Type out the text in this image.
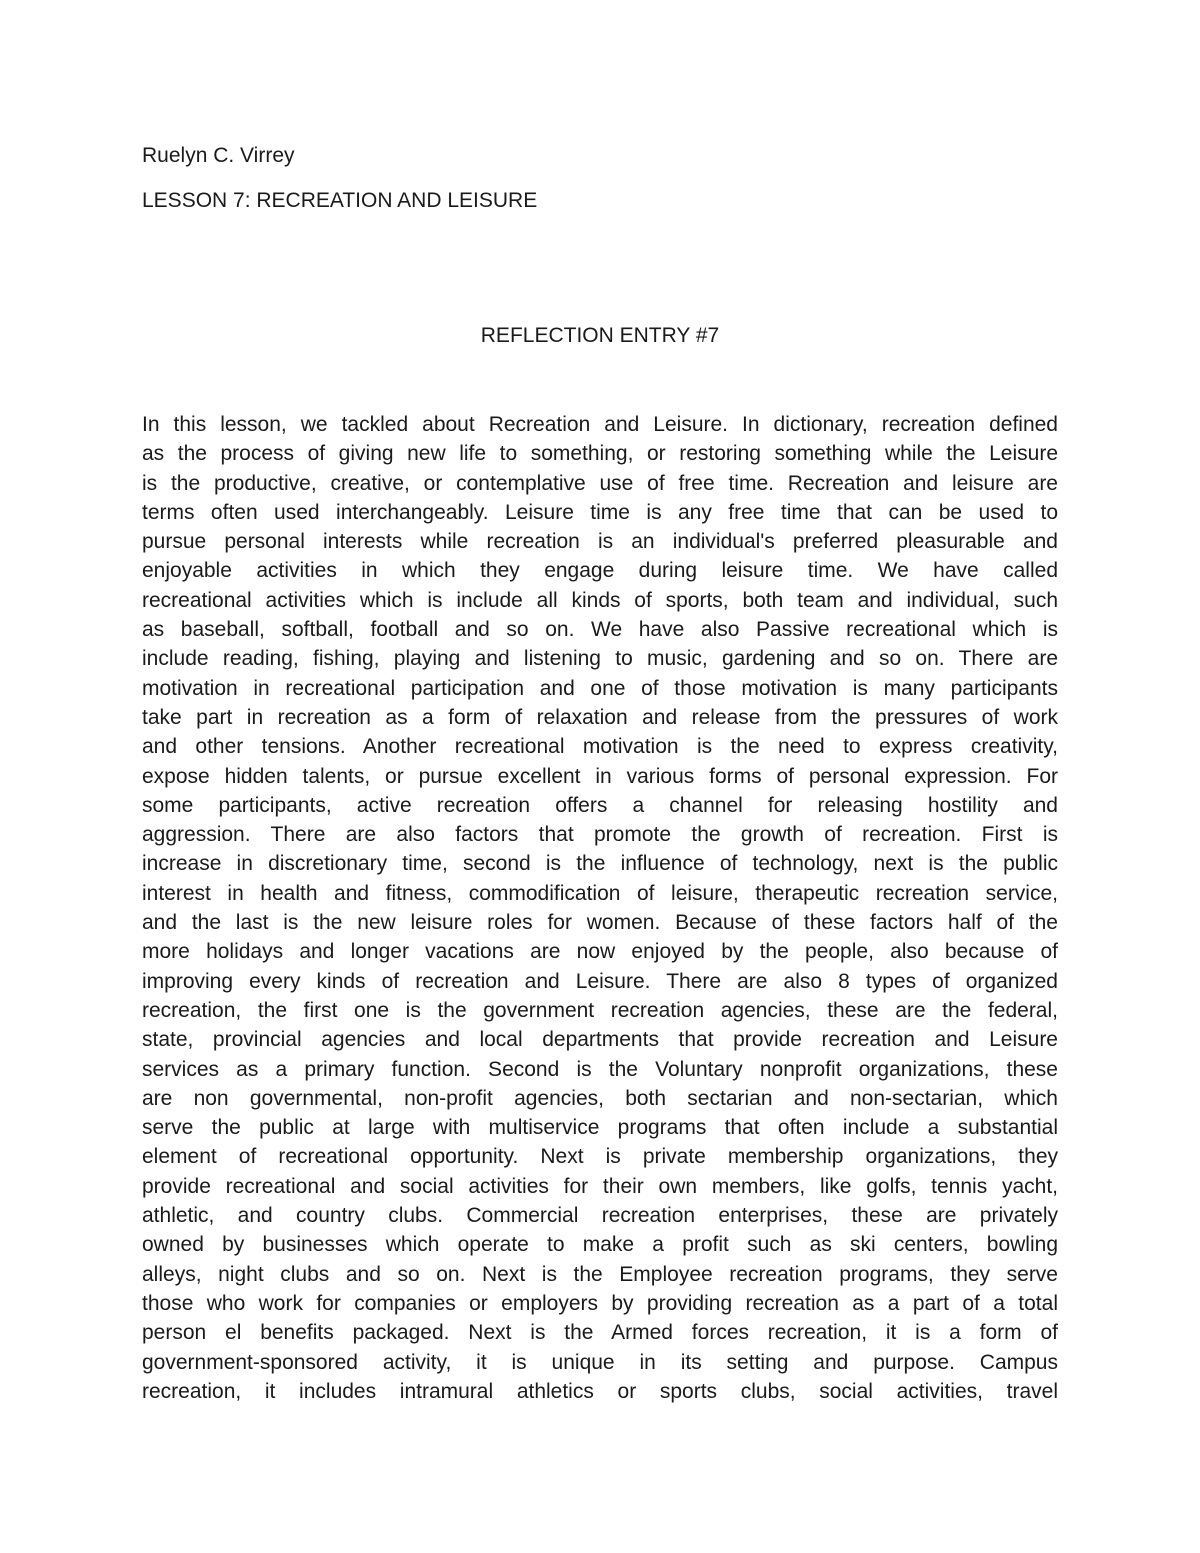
Ruelyn C. Virrey
LESSON 7: RECREATION AND LEISURE
REFLECTION ENTRY #7
In this lesson, we tackled about Recreation and Leisure. In dictionary, recreation defined
as the process of giving new life to something, or restoring something while the Leisure
is the productive, creative, or contemplative use of free time. Recreation and leisure are
terms often used interchangeably. Leisure time is any free time that can be used to
pursue personal interests while recreation is an individual's preferred pleasurable and
enjoyable activities in which they engage during leisure time. We have called
recreational activities which is include all kinds of sports, both team and individual, such
as baseball, softball, football and so on. We have also Passive recreational which is
include reading, fishing, playing and listening to music, gardening and so on. There are
motivation in recreational participation and one of those motivation is many participants
take part in recreation as a form of relaxation and release from the pressures of work
and other tensions. Another recreational motivation is the need to express creativity,
expose hidden talents, or pursue excellent in various forms of personal expression. For
some participants, active recreation offers a channel for releasing hostility and
aggression. There are also factors that promote the growth of recreation. First is
increase in discretionary time, second is the influence of technology, next is the public
interest in health and fitness, commodification of leisure, therapeutic recreation service,
and the last is the new leisure roles for women. Because of these factors half of the
more holidays and longer vacations are now enjoyed by the people, also because of
improving every kinds of recreation and Leisure. There are also 8 types of organized
recreation, the first one is the government recreation agencies, these are the federal,
state, provincial agencies and local departments that provide recreation and Leisure
services as a primary function. Second is the Voluntary nonprofit organizations, these
are non governmental, non-profit agencies, both sectarian and non-sectarian, which
serve the public at large with multiservice programs that often include a substantial
element of recreational opportunity. Next is private membership organizations, they
provide recreational and social activities for their own members, like golfs, tennis yacht,
athletic, and country clubs. Commercial recreation enterprises, these are privately
owned by businesses which operate to make a profit such as ski centers, bowling
alleys, night clubs and so on. Next is the Employee recreation programs, they serve
those who work for companies or employers by providing recreation as a part of a total
person el benefits packaged. Next is the Armed forces recreation, it is a form of
government-sponsored activity, it is unique in its setting and purpose. Campus
recreation, it includes intramural athletics or sports clubs, social activities, travel
